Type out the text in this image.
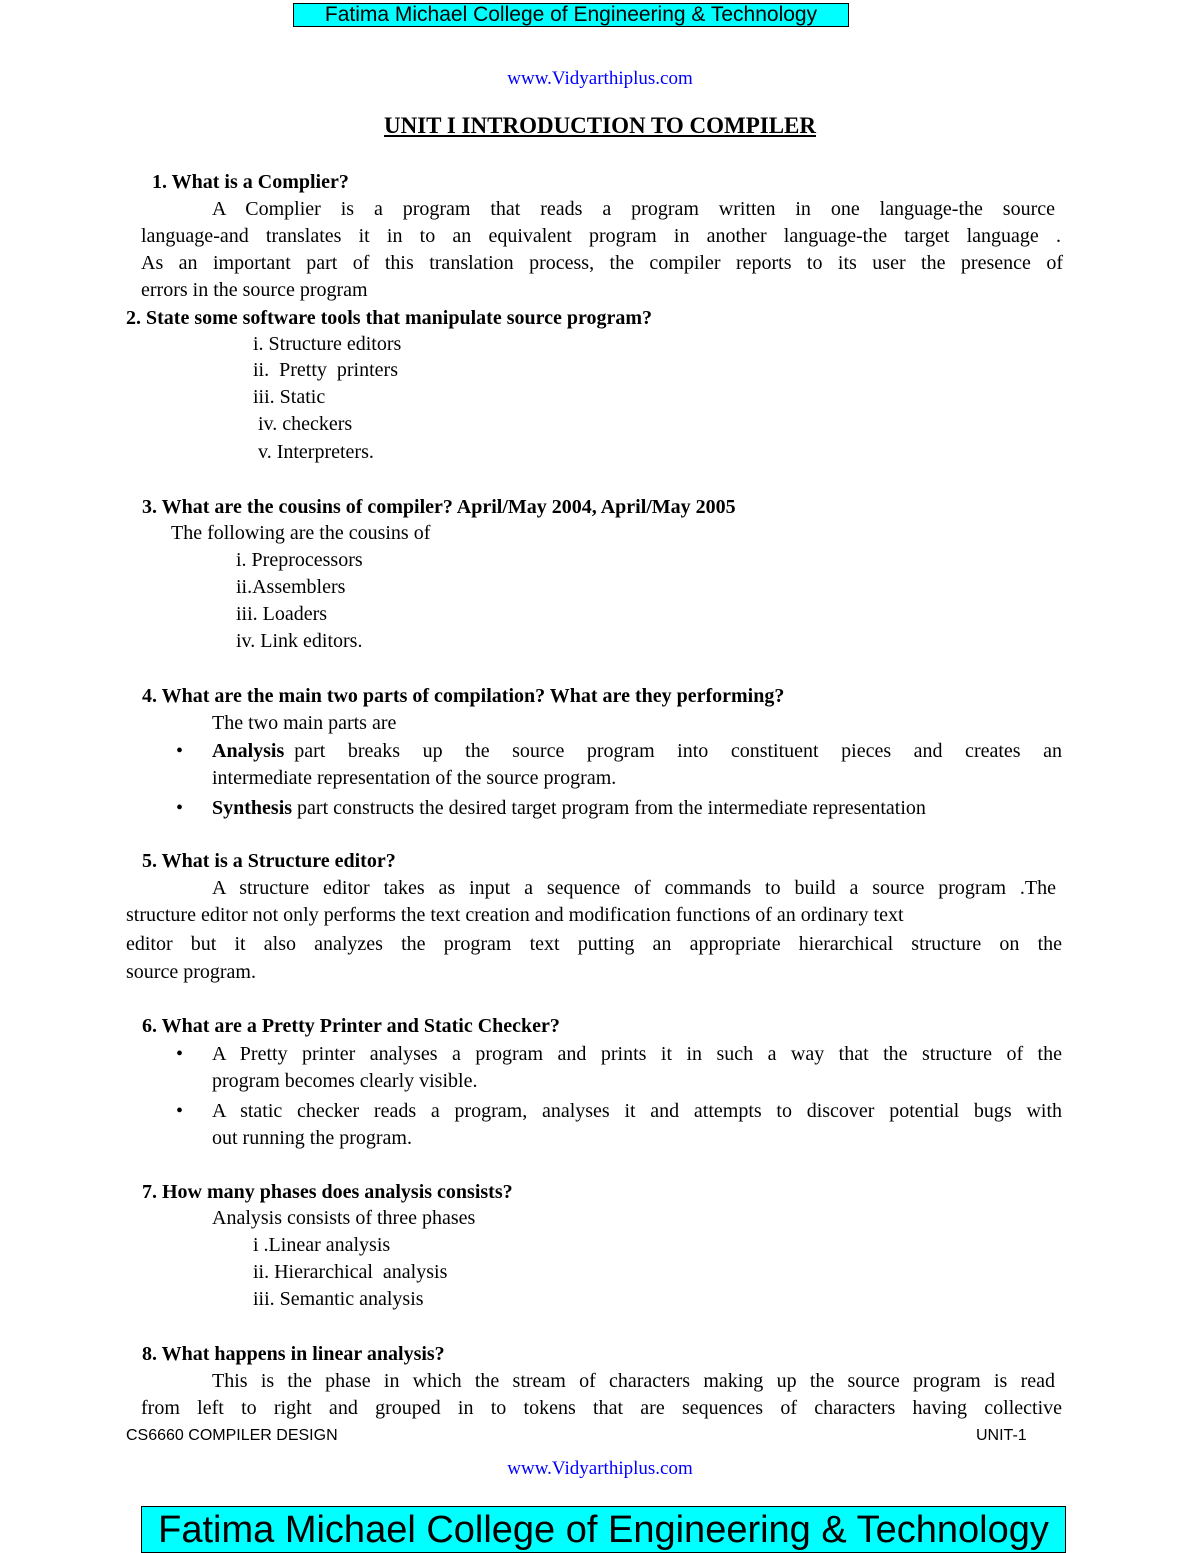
Fatima Michael College of Engineering & Technology
www.Vidyarthiplus.com
UNIT I INTRODUCTION TO COMPILER
1. What is a Complier?
A Complier is a program that reads a program written in one language-the source
language-and translates it in to an equivalent program in another language-the target language .
As an important part of this translation process, the compiler reports to its user the presence of
errors in the source program
2. State some software tools that manipulate source program?
i. Structure editors
ii.  Pretty  printers
iii. Static
iv. checkers
v. Interpreters.
3. What are the cousins of compiler? April/May 2004, April/May 2005
The following are the cousins of
i. Preprocessors
ii.Assemblers
iii. Loaders
iv. Link editors.
4. What are the main two parts of compilation? What are they performing?
The two main parts are
• Analysis part breaks up the source program into constituent pieces and creates an
intermediate representation of the source program.
• Synthesis part constructs the desired target program from the intermediate representation
5. What is a Structure editor?
A structure editor takes as input a sequence of commands to build a source program .The
structure editor not only performs the text creation and modification functions of an ordinary text
editor but it also analyzes the program text putting an appropriate hierarchical structure on the
source program.
6. What are a Pretty Printer and Static Checker?
• A Pretty printer analyses a program and prints it in such a way that the structure of the
program becomes clearly visible.
• A static checker reads a program, analyses it and attempts to discover potential bugs with
out running the program.
7. How many phases does analysis consists?
Analysis consists of three phases
i .Linear analysis
ii. Hierarchical  analysis
iii. Semantic analysis
8. What happens in linear analysis?
This is the phase in which the stream of characters making up the source program is read
from left to right and grouped in to tokens that are sequences of characters having collective
CS6660 COMPILER DESIGN	UNIT-1
www.Vidyarthiplus.com
Fatima Michael College of Engineering & Technology
